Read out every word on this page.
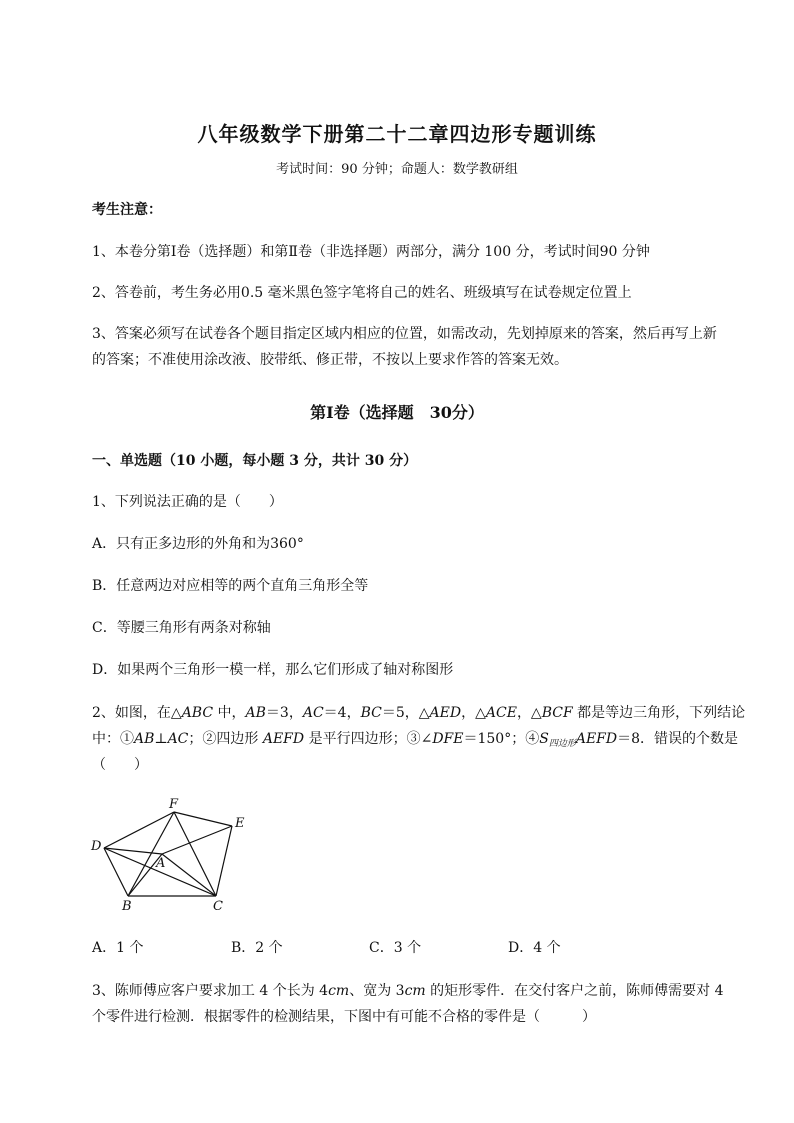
八年级数学下册第二十二章四边形专题训练
考试时间：90 分钟；命题人：数学教研组
考生注意：
1、本卷分第Ⅰ卷（选择题）和第Ⅱ卷（非选择题）两部分，满分 100 分，考试时间90 分钟
2、答卷前，考生务必用0.5 毫米黑色签字笔将自己的姓名、班级填写在试卷规定位置上
3、答案必须写在试卷各个题目指定区域内相应的位置，如需改动，先划掉原来的答案，然后再写上新
的答案；不准使用涂改液、胶带纸、修正带，不按以上要求作答的答案无效。
第Ⅰ卷（选择题　30分）
一、单选题（10 小题，每小题 3 分，共计 30 分）
1、下列说法正确的是（　　）
A．只有正多边形的外角和为360°
B．任意两边对应相等的两个直角三角形全等
C．等腰三角形有两条对称轴
D．如果两个三角形一模一样，那么它们形成了轴对称图形
2、如图，在△ABC 中，AB＝3，AC＝4，BC＝5，△AED，△ACE，△BCF 都是等边三角形，下列结论
中：①AB⊥AC；②四边形 AEFD 是平行四边形；③∠DFE＝150°；$④S_{四边形}AEFD=8$．错误的个数是
（　　）
F
E
D
A
B	C
A．1 个	B．2 个	C．3 个	D．4 个
3、陈师傅应客户要求加工 4 个长为 4cm、宽为 3cm 的矩形零件．在交付客户之前，陈师傅需要对 4
个零件进行检测．根据零件的检测结果，下图中有可能不合格的零件是（　　　）
